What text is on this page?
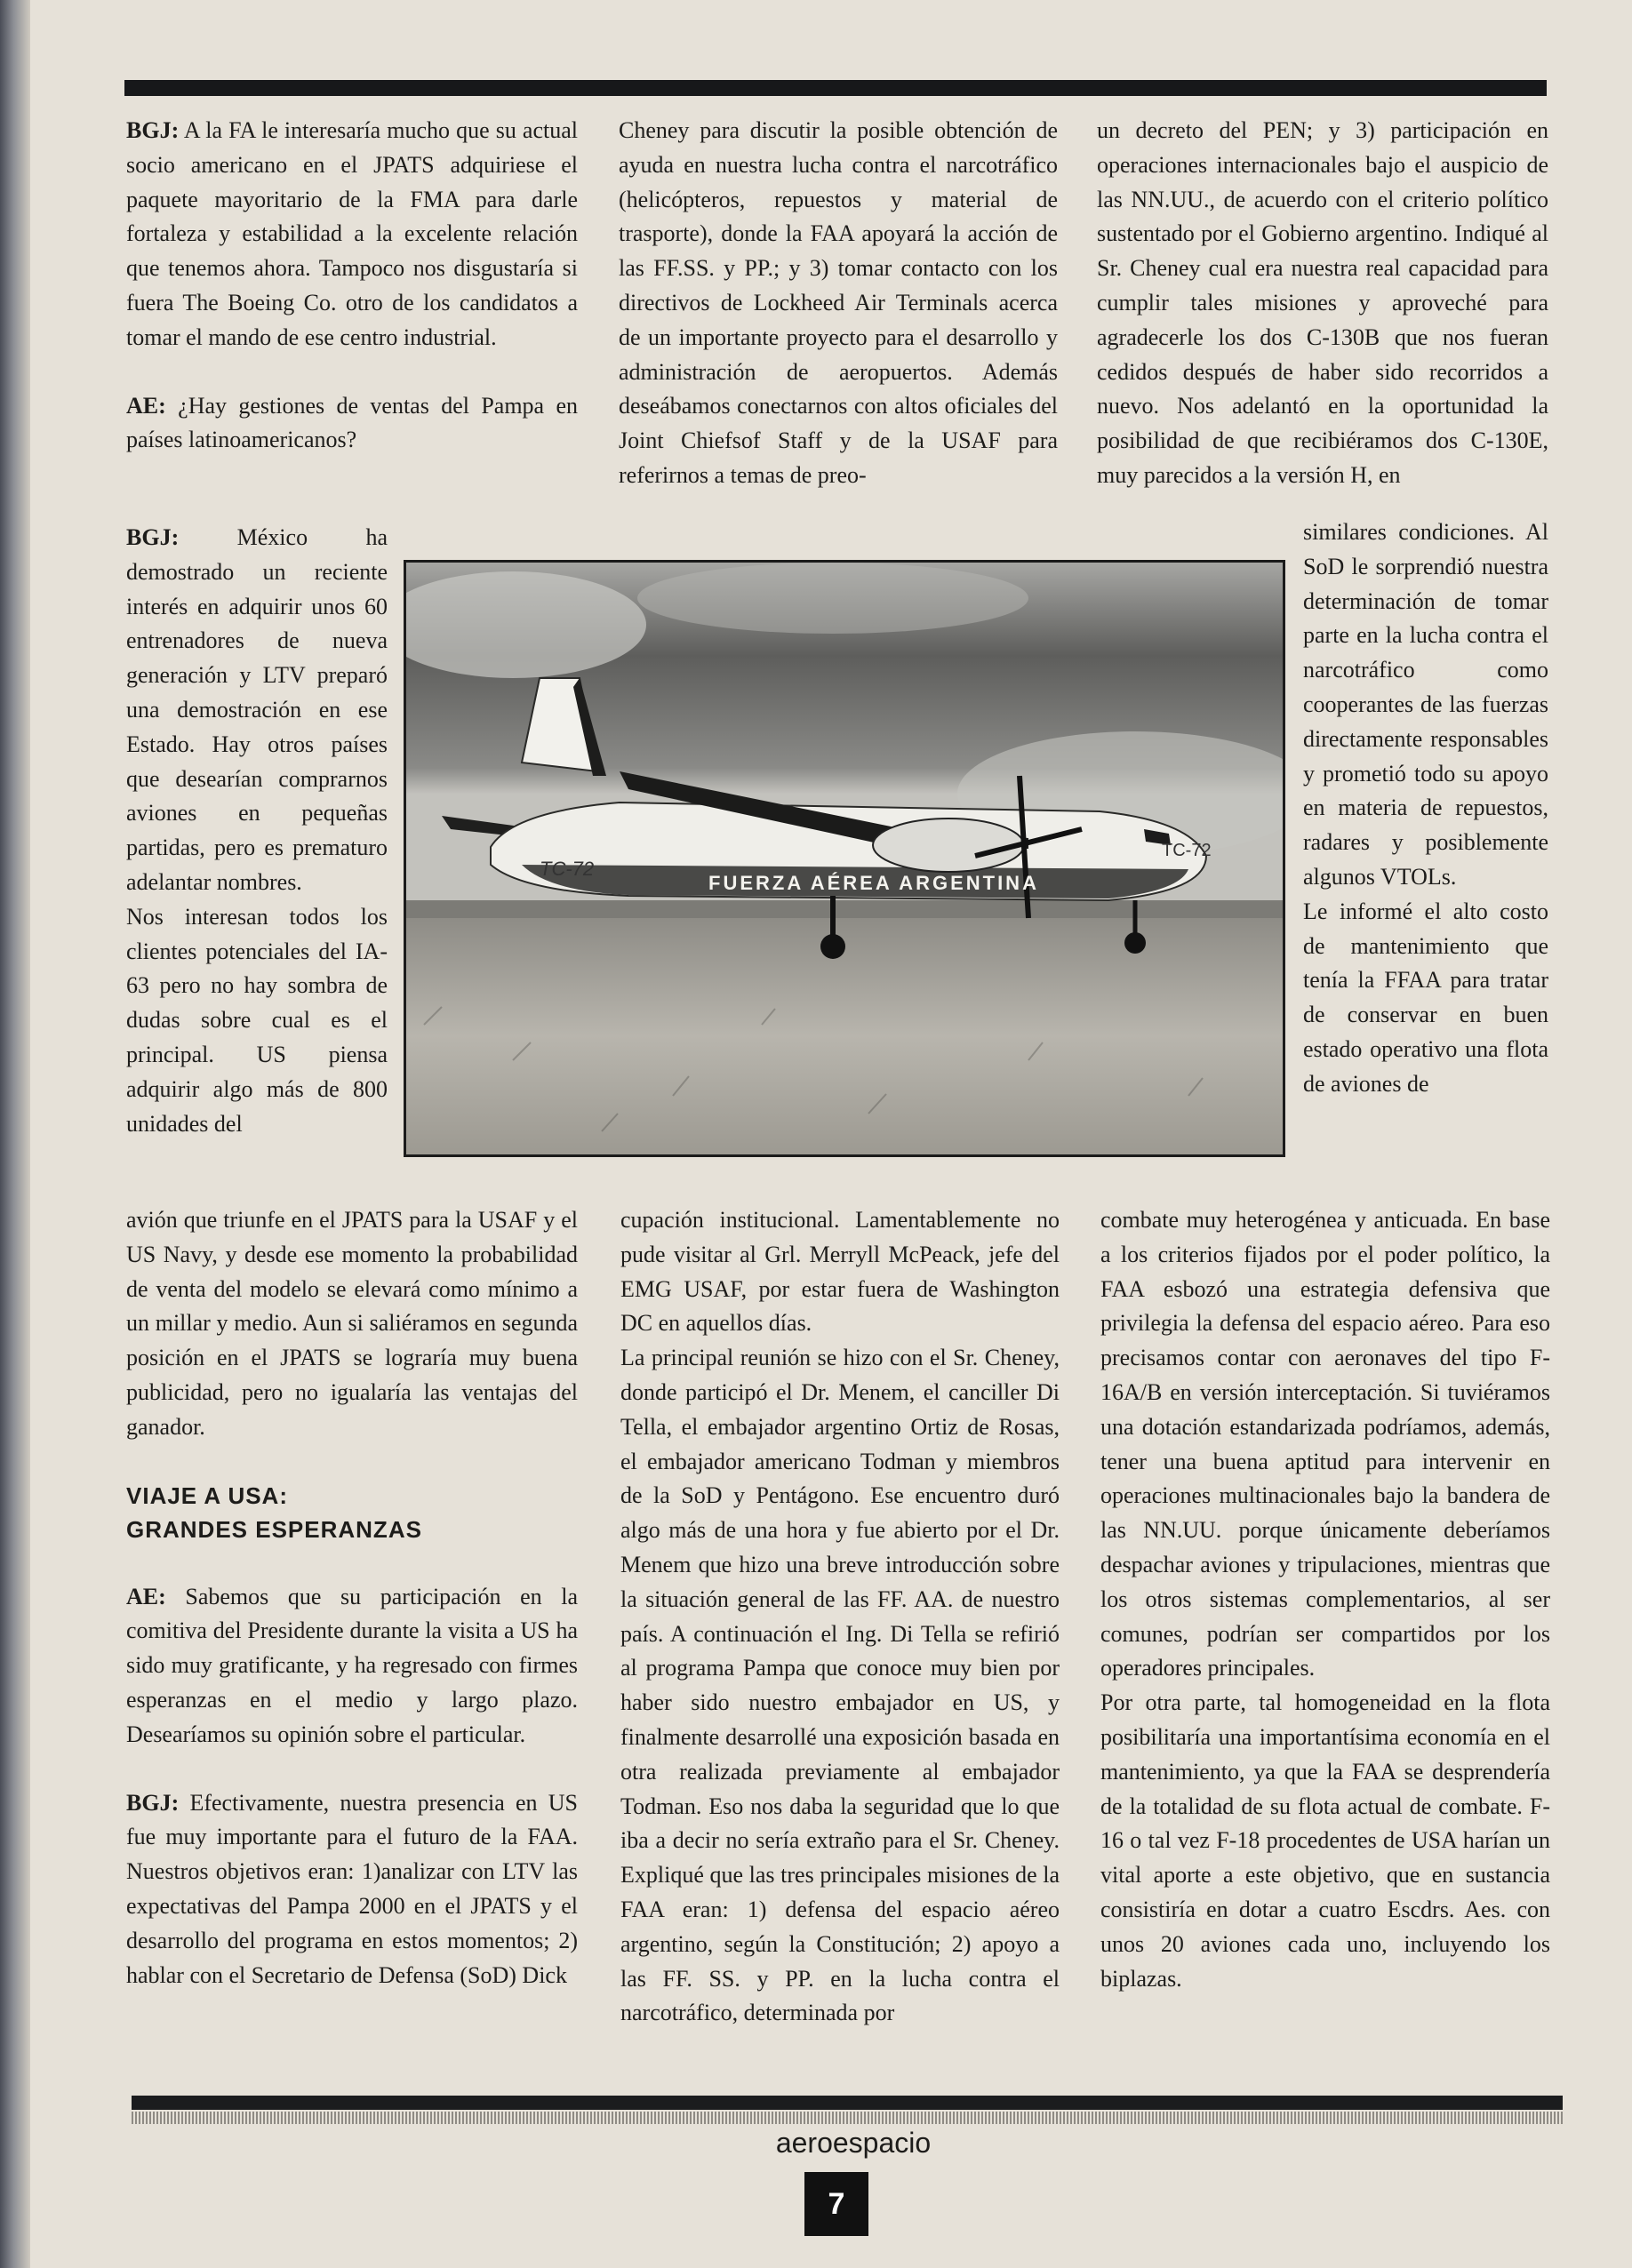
BGJ: A la FA le interesaría mucho que su actual socio americano en el JPATS adquiriese el paquete mayoritario de la FMA para darle fortaleza y estabilidad a la excelente relación que tenemos ahora. Tampoco nos disgustaría si fuera The Boeing Co. otro de los candidatos a tomar el mando de ese centro industrial.

AE: ¿Hay gestiones de ventas del Pampa en países latinoamericanos?

BGJ:	México ha demostrado un reciente interés en adquirir unos 60 entrenadores de nueva generación y LTV preparó una demostración en ese Estado. Hay otros países que desearían comprarnos aviones en pequeñas partidas, pero es prematuro adelantar nombres.

Nos interesan todos los clientes potenciales del IA-63 pero no hay sombra de dudas sobre cual es el principal. US piensa adquirir algo más de 800 unidades del

avión que triunfe en el JPATS para la USAF y el US Navy, y desde ese momento la probabilidad de venta del modelo se elevará como mínimo a un millar y medio. Aun si saliéramos en segunda posición en el JPATS se lograría muy buena publicidad, pero no igualaría las ventajas del ganador.

VIAJE A USA:
GRANDES ESPERANZAS

AE: Sabemos que su participación en la comitiva del Presidente durante la visita a US ha sido muy gratificante, y ha regresado con firmes esperanzas en el medio y largo plazo. Desearíamos su opinión sobre el particular.

BGJ: Efectivamente, nuestra presencia en US fue muy importante para el futuro de la FAA. Nuestros objetivos eran: 1)analizar con LTV las expectativas del Pampa 2000 en el JPATS y el desarrollo del programa en estos momentos; 2) hablar con el Secretario de Defensa (SoD) Dick

Cheney para discutir la posible obtención de ayuda en nuestra lucha contra el narcotráfico (helicópteros, repuestos y material de trasporte), donde la FAA apoyará la acción de las FF.SS. y PP.; y 3) tomar contacto con los directivos de Lockheed Air Terminals acerca de un importante proyecto para el desarrollo y administración de aeropuertos. Además deseábamos conectarnos con altos oficiales del Joint Chiefsof Staff y de la USAF para referirnos a temas de preo-

cupación institucional. Lamentablemente no pude visitar al Grl. Merryll McPeack, jefe del EMG USAF, por estar fuera de Washington DC en aquellos días.

La principal reunión se hizo con el Sr. Cheney, donde participó el Dr. Menem, el canciller Di Tella, el embajador argentino Ortiz de Rosas, el embajador americano Todman y miembros de la SoD y Pentágono. Ese encuentro duró algo más de una hora y fue abierto por el Dr. Menem que hizo una breve introducción sobre la situación general de las FF. AA. de nuestro país. A continuación el Ing. Di Tella se refirió al programa Pampa que conoce muy bien por haber sido nuestro embajador en US, y finalmente desarrollé una exposición basada en otra realizada previamente al embajador Todman. Eso nos daba la seguridad que lo que iba a decir no sería extraño para el Sr. Cheney. Expliqué que las tres principales misiones de la FAA eran: 1) defensa del espacio aéreo argentino, según la Constitución; 2) apoyo a las FF. SS. y PP. en la lucha contra el narcotráfico, determinada por

un decreto del PEN; y 3) participación en operaciones internacionales bajo el auspicio de las NN.UU., de acuerdo con el criterio político sustentado por el Gobierno argentino. Indiqué al Sr. Cheney cual era nuestra real capacidad para cumplir tales misiones y aproveché para agradecerle los dos C-130B que nos fueran cedidos después de haber sido recorridos a nuevo. Nos adelantó en la oportunidad la posibilidad de que recibiéramos dos C-130E, muy parecidos a la versión H, en

similares condiciones. Al SoD le sorprendió nuestra determinación de tomar parte en la lucha contra el narcotráfico como cooperantes de las fuerzas directamente responsables y prometió todo su apoyo en materia de repuestos, radares y posiblemente algunos VTOLs.

Le informé el alto costo de mantenimiento que tenía la FFAA para tratar de conservar en buen estado operativo una flota de aviones de

combate muy heterogénea y anticuada. En base a los criterios fijados por el poder político, la FAA esbozó una estrategia defensiva que privilegia la defensa del espacio aéreo. Para eso precisamos contar con aeronaves del tipo F-16A/B en versión interceptación. Si tuviéramos una dotación estandarizada podríamos, además, tener una buena aptitud para intervenir en operaciones multinacionales bajo la bandera de las NN.UU. porque únicamente deberíamos despachar aviones y tripulaciones, mientras que los otros sistemas complementarios, al ser comunes, podrían ser compartidos por los operadores principales.

Por otra parte, tal homogeneidad en la flota posibilitaría una importantísima economía en el mantenimiento, ya que la FAA se desprendería de la totalidad de su flota actual de combate. F-16 o tal vez F-18 procedentes de USA harían un vital aporte a este objetivo, que en sustancia consistiría en dotar a cuatro Escdrs. Aes. con unos 20 aviones cada uno, incluyendo los biplazas.

TC-72
TC-72
FUERZA AÉREA ARGENTINA
aeroespacio
7
